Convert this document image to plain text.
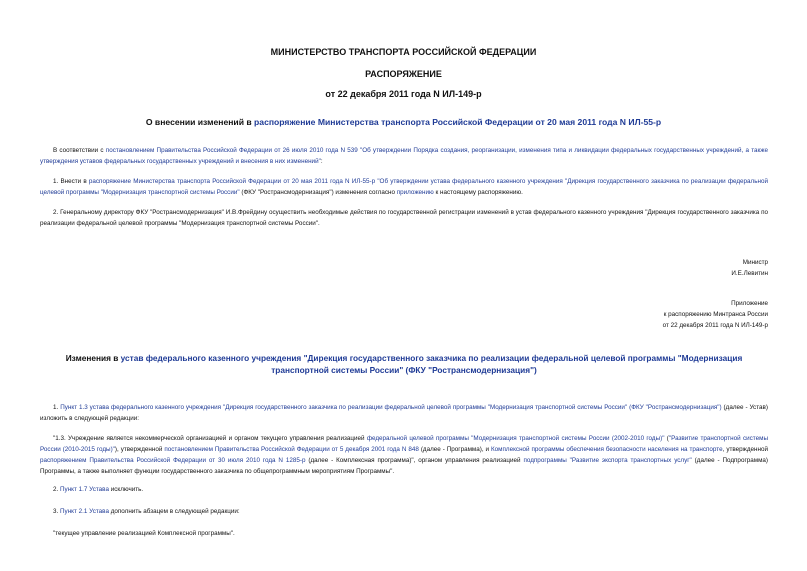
МИНИСТЕРСТВО ТРАНСПОРТА РОССИЙСКОЙ ФЕДЕРАЦИИ
РАСПОРЯЖЕНИЕ
от 22 декабря 2011 года N ИЛ-149-р
О внесении изменений в распоряжение Министерства транспорта Российской Федерации от 20 мая 2011 года N ИЛ-55-р
В соответствии с постановлением Правительства Российской Федерации от 26 июля 2010 года N 539 "Об утверждении Порядка создания, реорганизации, изменения типа и ликвидации федеральных государственных учреждений, а также утверждения уставов федеральных государственных учреждений и внесения в них изменений":
1. Внести в распоряжение Министерства транспорта Российской Федерации от 20 мая 2011 года N ИЛ-55-р "Об утверждении устава федерального казенного учреждения "Дирекция государственного заказчика по реализации федеральной целевой программы "Модернизация транспортной системы России" (ФКУ "Ространсмодернизация") изменения согласно приложению к настоящему распоряжению.
2. Генеральному директору ФКУ "Ространсмодернизация" И.В.Фрейдину осуществить необходимые действия по государственной регистрации изменений в устав федерального казенного учреждения "Дирекция государственного заказчика по реализации федеральной целевой программы "Модернизация транспортной системы России".
Министр
И.Е.Левитин
Приложение
к распоряжению Минтранса России
от 22 декабря 2011 года N ИЛ-149-р
Изменения в устав федерального казенного учреждения "Дирекция государственного заказчика по реализации федеральной целевой программы "Модернизация транспортной системы России" (ФКУ "Ространсмодернизация")
1. Пункт 1.3 устава федерального казенного учреждения "Дирекция государственного заказчика по реализации федеральной целевой программы "Модернизация транспортной системы России" (ФКУ "Ространсмодернизация") (далее - Устав) изложить в следующей редакции:
"1.3. Учреждение является некоммерческой организацией и органом текущего управления реализацией федеральной целевой программы "Модернизация транспортной системы России (2002-2010 годы)" ("Развитие транспортной системы России (2010-2015 годы)"), утвержденной постановлением Правительства Российской Федерации от 5 декабря 2001 года N 848 (далее - Программа), и Комплексной программы обеспечения безопасности населения на транспорте, утвержденной распоряжением Правительства Российской Федерации от 30 июля 2010 года N 1285-р (далее - Комплексная программа)", органом управления реализацией подпрограммы "Развитие экспорта транспортных услуг" (далее - Подпрограмма) Программы, а также выполняет функции государственного заказчика по общепрограммным мероприятиям Программы".
2. Пункт 1.7 Устава исключить.
3. Пункт 2.1 Устава дополнить абзацем в следующей редакции:
"текущее управление реализацией Комплексной программы".
